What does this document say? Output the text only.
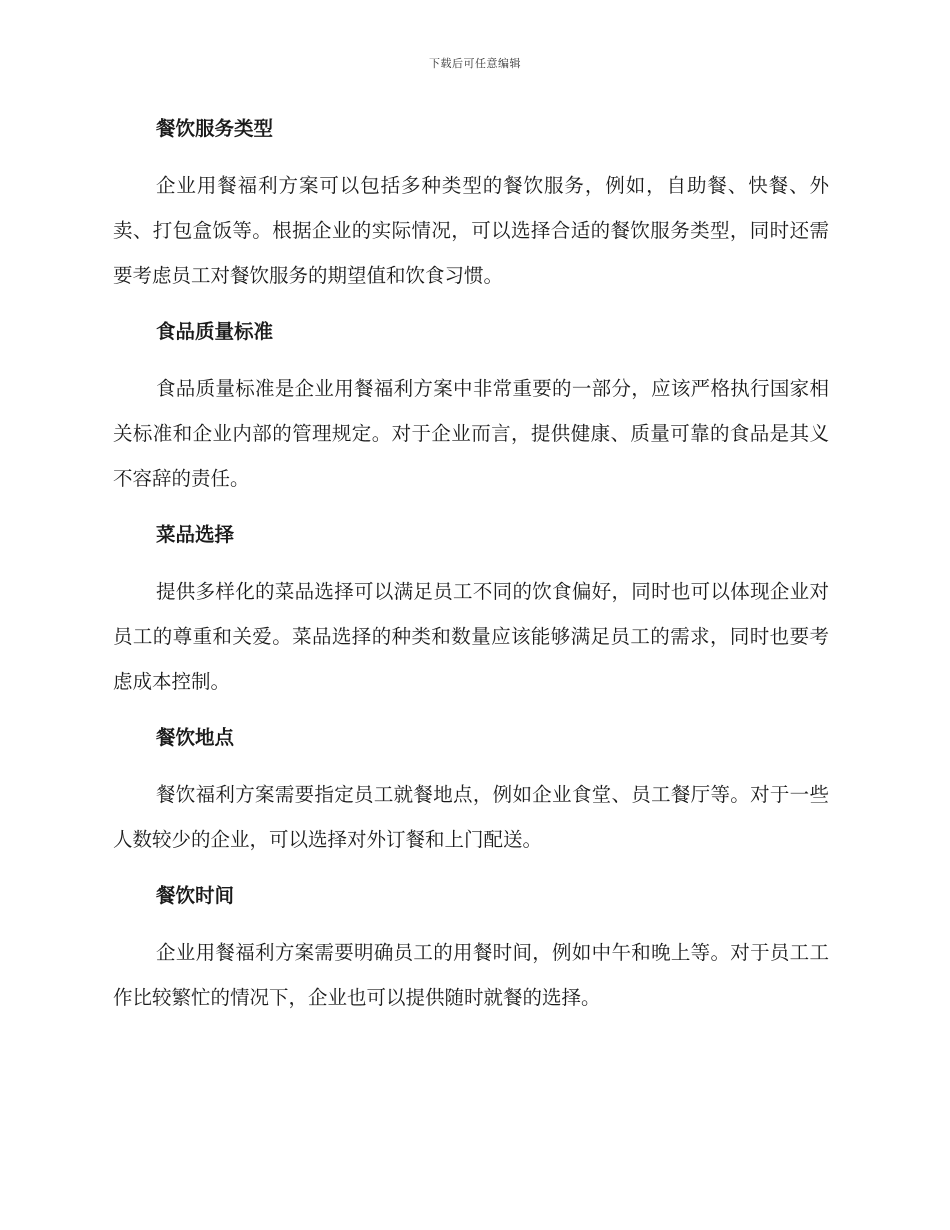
下载后可任意编辑
餐饮服务类型

企业用餐福利方案可以包括多种类型的餐饮服务，例如，自助餐、快餐、外卖、打包盒饭等。根据企业的实际情况，可以选择合适的餐饮服务类型，同时还需要考虑员工对餐饮服务的期望值和饮食习惯。

食品质量标准

食品质量标准是企业用餐福利方案中非常重要的一部分，应该严格执行国家相关标准和企业内部的管理规定。对于企业而言，提供健康、质量可靠的食品是其义不容辞的责任。

菜品选择

提供多样化的菜品选择可以满足员工不同的饮食偏好，同时也可以体现企业对员工的尊重和关爱。菜品选择的种类和数量应该能够满足员工的需求，同时也要考虑成本控制。

餐饮地点

餐饮福利方案需要指定员工就餐地点，例如企业食堂、员工餐厅等。对于一些人数较少的企业，可以选择对外订餐和上门配送。

餐饮时间

企业用餐福利方案需要明确员工的用餐时间，例如中午和晚上等。对于员工工作比较繁忙的情况下，企业也可以提供随时就餐的选择。
